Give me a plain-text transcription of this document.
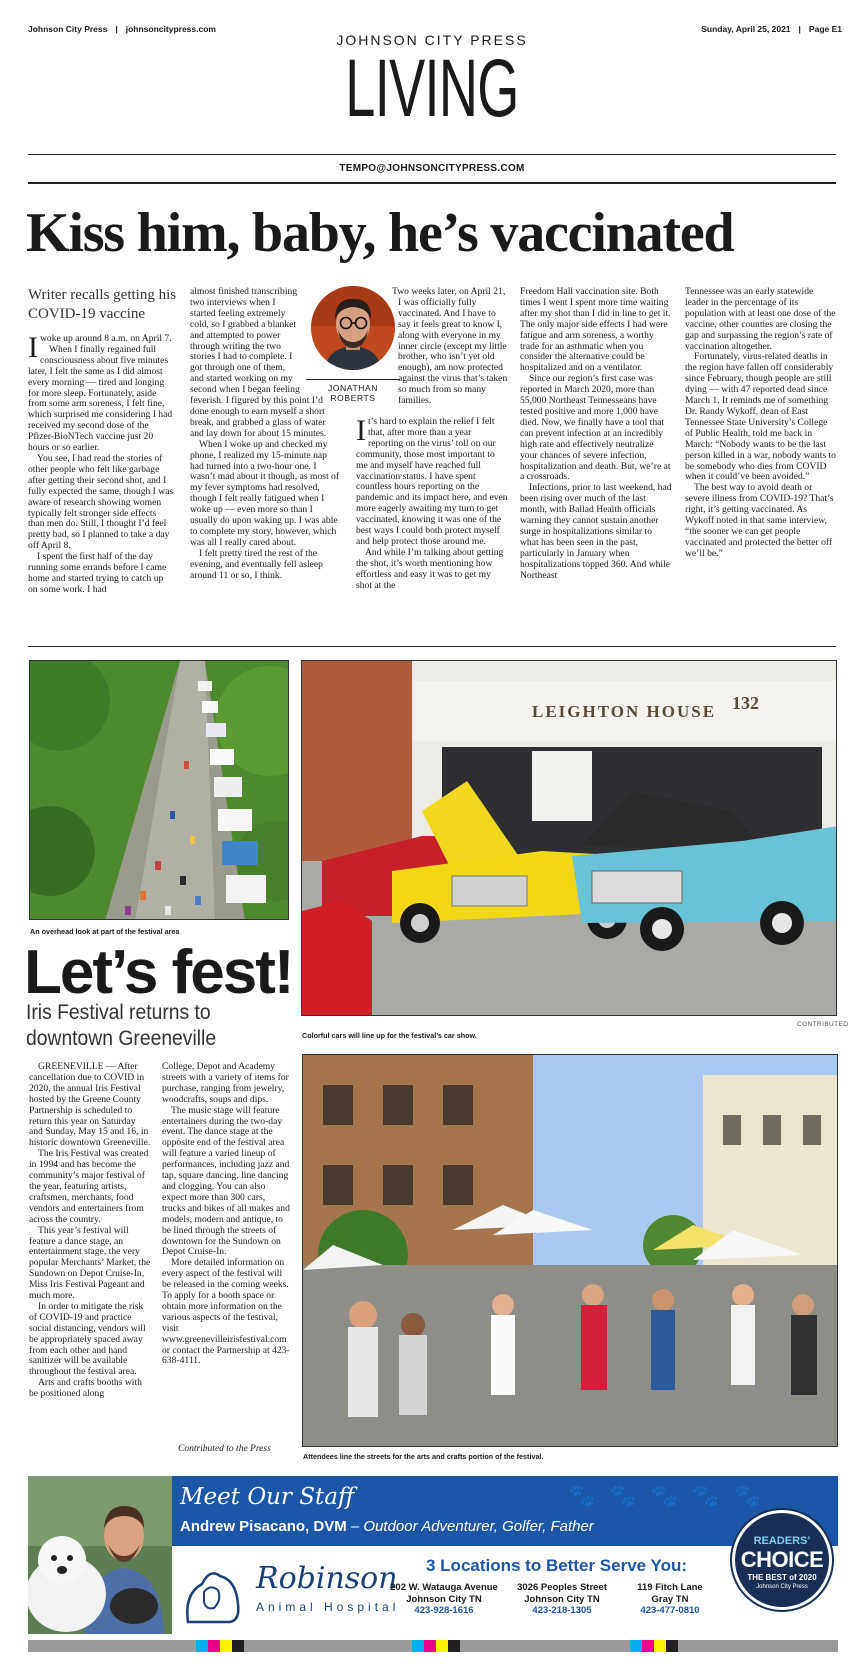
Johnson City Press | johnsoncitypress.com	Sunday, April 25, 2021 | Page E1
JOHNSON CITY PRESS
LIVING
TEMPO@JOHNSONCITYPRESS.COM
Kiss him, baby, he’s vaccinated
Writer recalls getting his COVID-19 vaccine

I woke up around 8 a.m. on April 7.

When I finally regained full consciousness about five minutes later, I felt the same as I did almost every morning — tired and longing for more sleep. Fortunately, aside from some arm soreness, I felt fine, which surprised me considering I had received my second dose of the Pfizer-BioNTech vaccine just 20 hours or so earlier.

You see, I had read the stories of other people who felt like garbage after getting their second shot, and I fully expected the same, though I was aware of research showing women typically felt stronger side effects than men do. Still, I thought I’d feel pretty bad, so I planned to take a day off April 8.

I spent the first half of the day running some errands before I came home and started trying to catch up on some work. I had

almost finished transcribing two interviews when I started feeling extremely cold, so I grabbed a blanket and attempted to power through writing the two stories I had to complete. I got through one of them, and started working on my second when I began feeling feverish. I figured by this point I’d done enough to earn myself a short break, and grabbed a glass of water and lay down for about 15 minutes.

When I woke up and checked my phone, I realized my 15-minute nap had turned into a two-hour one. I wasn’t mad about it though, as most of my fever symptoms had resolved, though I felt really fatigued when I woke up — even more so than I usually do upon waking up. I was able to complete my story, however, which was all I really cared about.

I felt pretty tired the rest of the evening, and eventually fell asleep around 11 or so, I think.

Two weeks later, on April 21, I was officially fully vaccinated. And I have to say it feels great to know I, along with everyone in my inner circle (except my little brother, who isn’t yet old enough), am now protected against the virus that’s taken so much from so many families.

It’s hard to explain the relief I felt that, after more than a year reporting on the virus’ toll on our community, those most important to me and myself have reached full vaccination status. I have spent countless hours reporting on the pandemic and its impact here, and even more eagerly awaiting my turn to get vaccinated, knowing it was one of the best ways I could both protect myself and help protect those around me.

And while I’m talking about getting the shot, it’s worth mentioning how effortless and easy it was to get my shot at the

Freedom Hall vaccination site. Both times I went I spent more time waiting after my shot than I did in line to get it. The only major side effects I had were fatigue and arm soreness, a worthy trade for an asthmatic when you consider the alternative could be hospitalized and on a ventilator.

Since our region’s first case was reported in March 2020, more than 55,000 Northeast Tennesseans have tested positive and more 1,000 have died. Now, we finally have a tool that can prevent infection at an incredibly high rate and effectively neutralize your chances of severe infection, hospitalization and death. But, we’re at a crossroads.

Infections, prior to last weekend, had been rising over much of the last month, with Ballad Health officials warning they cannot sustain another surge in hospitalizations similar to what has been seen in the past, particularly in January when hospitalizations topped 360. And while Northeast

Tennessee was an early statewide leader in the percentage of its population with at least one dose of the vaccine, other counties are closing the gap and surpassing the region’s rate of vaccination altogether.

Fortunately, virus-related deaths in the region have fallen off considerably since February, though people are still dying — with 47 reported dead since March 1. It reminds me of something Dr. Randy Wykoff, dean of East Tennessee State University’s College of Public Health, told me back in March: “Nobody wants to be the last person killed in a war, nobody wants to be somebody who dies from COVID when it could’ve been avoided.”

The best way to avoid death or severe illness from COVID-19? That’s right, it’s getting vaccinated. As Wykoff noted in that same interview, “the sooner we can get people vaccinated and protected the better off we’ll be.”

JONATHAN ROBERTS
An overhead look at part of the festival area
LEIGHTON HOUSE 132
CONTRIBUTED
Colorful cars will line up for the festival’s car show.
Let’s fest!
Iris Festival returns to downtown Greeneville

GREENEVILLE — After cancellation due to COVID in 2020, the annual Iris Festival hosted by the Greene County Partnership is scheduled to return this year on Saturday and Sunday, May 15 and 16, in historic downtown Greeneville.

The Iris Festival was created in 1994 and has become the community’s major festival of the year, featuring artists, craftsmen, merchants, food vendors and entertainers from across the country.

This year’s festival will feature a dance stage, an entertainment stage, the very popular Merchants’ Market, the Sundown on Depot Cruise-In, Miss Iris Festival Pageant and much more.

In order to mitigate the risk of COVID-19 and practice social distancing, vendors will be appropriately spaced away from each other and hand sanitizer will be available throughout the festival area.

Arts and crafts booths with be positioned along

College, Depot and Academy streets with a variety of items for purchase, ranging from jewelry, woodcrafts, soups and dips.

The music stage will feature entertainers during the two-day event. The dance stage at the opposite end of the festival area will feature a varied lineup of performances, including jazz and tap, square dancing, line dancing and clogging. You can also expect more than 300 cars, trucks and bikes of all makes and models, modern and antique, to be lined through the streets of downtown for the Sundown on Depot Cruise-In.

More detailed information on every aspect of the festival will be released in the coming weeks. To apply for a booth space or obtain more information on the various aspects of the festival, visit www.greenevilleirisfestival.com or contact the Partnership at 423-638-4111.

Contributed to the Press
Attendees line the streets for the arts and crafts portion of the festival.
Meet Our Staff
Andrew Pisacano, DVM – Outdoor Adventurer, Golfer, Father
🐾🐾🐾🐾🐾
Robinson
Animal Hospital
3 Locations to Better Serve You:
202 W. Watauga Avenue
Johnson City TN
423-928-1616
3026 Peoples Street
Johnson City TN
423-218-1305
119 Fitch Lane
Gray TN
423-477-0810
READERS’
CHOICE
THE BEST of 2020
Johnson City Press
